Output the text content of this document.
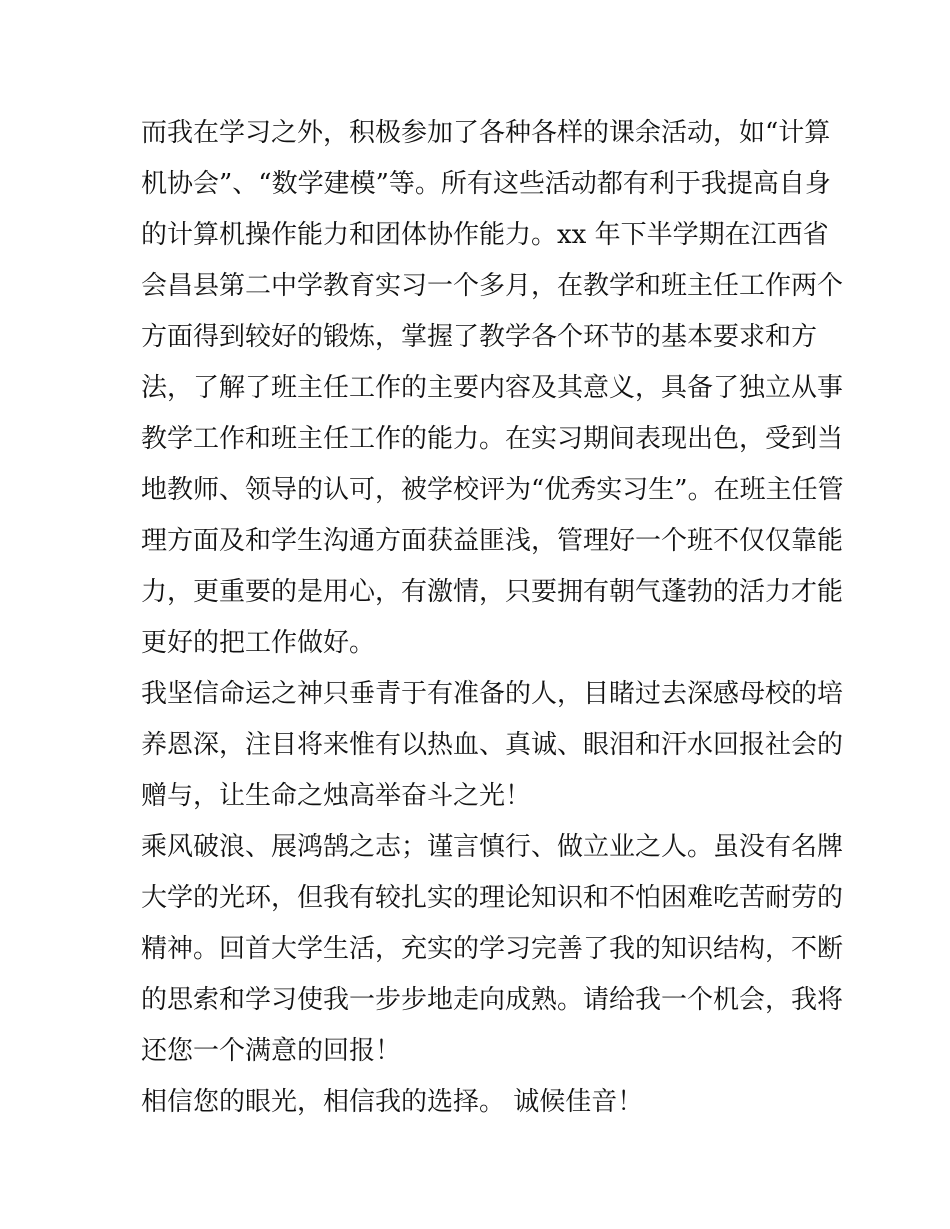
而我在学习之外，积极参加了各种各样的课余活动，如“计算
机协会”、“数学建模”等。所有这些活动都有利于我提高自身
的计算机操作能力和团体协作能力。xx 年下半学期在江西省
会昌县第二中学教育实习一个多月，在教学和班主任工作两个
方面得到较好的锻炼，掌握了教学各个环节的基本要求和方
法，了解了班主任工作的主要内容及其意义，具备了独立从事
教学工作和班主任工作的能力。在实习期间表现出色，受到当
地教师、领导的认可，被学校评为“优秀实习生”。在班主任管
理方面及和学生沟通方面获益匪浅，管理好一个班不仅仅靠能
力，更重要的是用心，有激情，只要拥有朝气蓬勃的活力才能
更好的把工作做好。

我坚信命运之神只垂青于有准备的人，目睹过去深感母校的培
养恩深，注目将来惟有以热血、真诚、眼泪和汗水回报社会的
赠与，让生命之烛高举奋斗之光！

乘风破浪、展鸿鹄之志；谨言慎行、做立业之人。虽没有名牌
大学的光环，但我有较扎实的理论知识和不怕困难吃苦耐劳的
精神。回首大学生活，充实的学习完善了我的知识结构，不断
的思索和学习使我一步步地走向成熟。请给我一个机会，我将
还您一个满意的回报！

相信您的眼光，相信我的选择。 诚候佳音！
